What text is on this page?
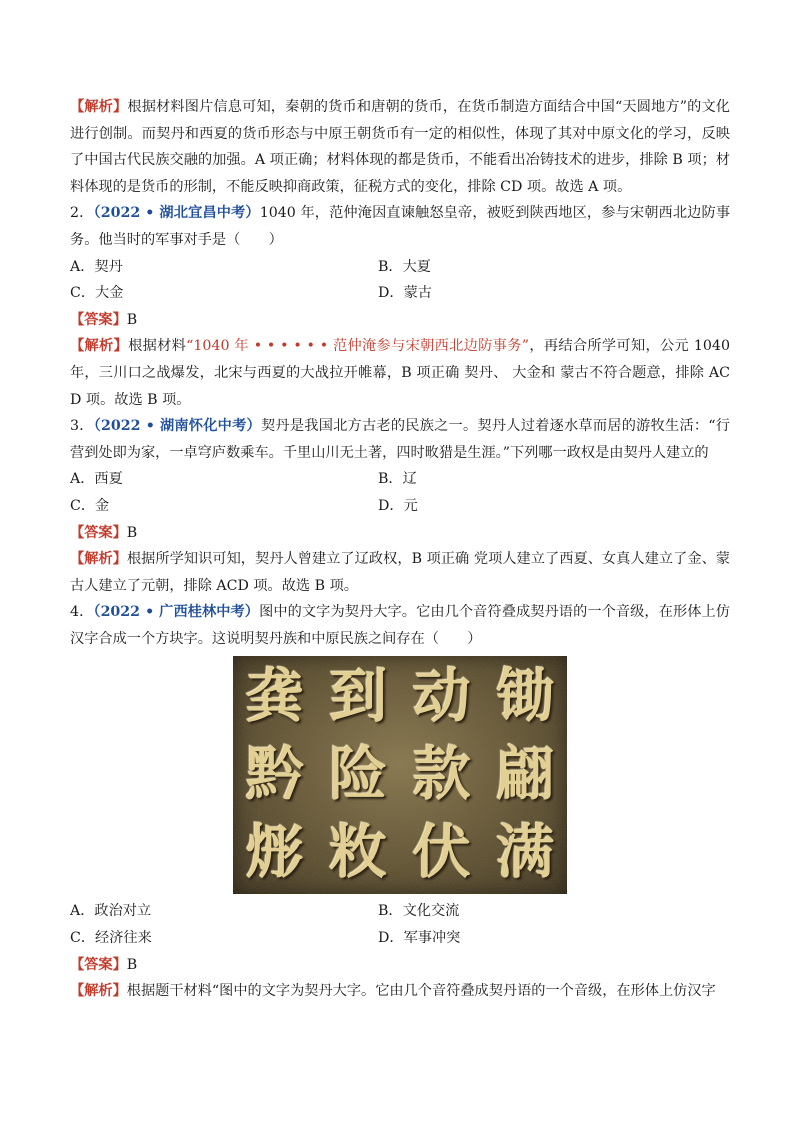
【解析】根据材料图片信息可知，秦朝的货币和唐朝的货币，在货币制造方面结合中国“天圆地方”的文化进行创制。而契丹和西夏的货币形态与中原王朝货币有一定的相似性，体现了其对中原文化的学习，反映了中国古代民族交融的加强。A 项正确；材料体现的都是货币，不能看出冶铸技术的进步，排除 B 项；材料体现的是货币的形制，不能反映抑商政策，征税方式的变化，排除 CD 项。故选 A 项。

2．（2022 • 湖北宜昌中考）1040 年，范仲淹因直谏触怒皇帝，被贬到陕西地区，参与宋朝西北边防事务。他当时的军事对手是（　　）

A．契丹	B．大夏
C．大金	D．蒙古

【答案】B

【解析】根据材料“1040 年 • • • • • • 范仲淹参与宋朝西北边防事务”，再结合所学可知，公元 1040 年，三川口之战爆发，北宋与西夏的大战拉开帷幕，B 项正确 契丹、 大金和 蒙古不符合题意，排除 ACD 项。故选 B 项。

3．（2022 • 湖南怀化中考）契丹是我国北方古老的民族之一。契丹人过着逐水草而居的游牧生活：“行营到处即为家，一卓穹庐数乘车。千里山川无土著，四时畋猎是生涯。”下列哪一政权是由契丹人建立的

A．西夏	B．辽
C．金	D．元

【答案】B

【解析】根据所学知识可知，契丹人曾建立了辽政权，B 项正确 党项人建立了西夏、女真人建立了金、蒙古人建立了元朝，排除 ACD 项。故选 B 项。

4．（2022 • 广西桂林中考）图中的文字为契丹大字。它由几个音符叠成契丹语的一个音级，在形体上仿汉字合成一个方块字。这说明契丹族和中原民族之间存在（　　）

龚 到 动 锄
黔 险 款 翩
烿 敉 伏 满
A．政治对立	B．文化交流
C．经济往来	D．军事冲突

【答案】B

【解析】根据题干材料“图中的文字为契丹大字。它由几个音符叠成契丹语的一个音级，在形体上仿汉字
